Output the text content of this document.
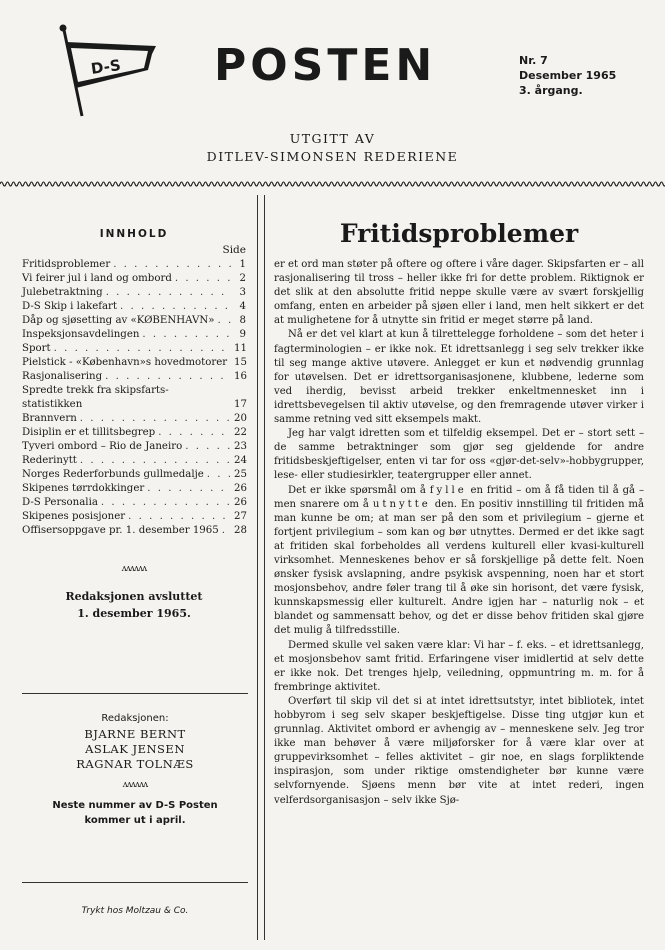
D-S POSTEN	Nr. 7
Desember 1965
3. årgang.
UTGITT AV
DITLEV-SIMONSEN REDERIENE
INNHOLD
Side
Fritidsproblemer . . .	1
Vi feirer jul i land og ombord . . .	2
Julebetraktning . . .	3
D-S Skip i lakefart . . .	4
Dåp og sjøsetting av «KØBENHAVN» . . .	8
Inspeksjonsavdelingen . . .	9
Sport . . .	11
Pielstick - «København»s hovedmotorer . . . 15
Rasjonalisering . . .	16
Spredte trekk fra skipsfarts-statistikken	17
Brannvern . . .	20
Disiplin er et tillitsbegrep . . .	22
Tyveri ombord – Rio de Janeiro . . .	23
Rederinytt . . .	24
Norges Rederforbunds gullmedalje . . .	25
Skipenes tørrdokkinger . . .	26
D-S Personalia . . .	26
Skipenes posisjoner . . .	27
Offisersoppgave pr. 1. desember 1965 . . . 28
ʌʌʌʌʌʌ
Redaksjonen avsluttet
1. desember 1965.
Redaksjonen:
BJARNE BERNT
ASLAK JENSEN
RAGNAR TOLNÆS
ʌʌʌʌʌʌ
Neste nummer av D-S Posten
kommer ut i april.
Trykt hos Moltzau & Co.
Fritidsproblemer

er et ord man støter på oftere og oftere i våre dager. Skipsfarten er – all rasjonalisering til tross – heller ikke fri for dette problem. Riktignok er det slik at den absolutte fritid neppe skulle være av svært forskjellig omfang, enten en arbeider på sjøen eller i land, men helt sikkert er det at mulighetene for å utnytte sin fritid er meget større på land.

Nå er det vel klart at kun å tilrettelegge forholdene – som det heter i fagterminologien – er ikke nok. Et idrettsanlegg i seg selv trekker ikke til seg mange aktive utøvere. Anlegget er kun et nødvendig grunnlag for utøvelsen. Det er idrettsorganisasjonene, klubbene, lederne som ved iherdig, bevisst arbeid trekker enkeltmennesket inn i idrettsbevegelsen til aktiv utøvelse, og den fremragende utøver virker i samme retning ved sitt eksempels makt.

Jeg har valgt idretten som et tilfeldig eksempel. Det er – stort sett – de samme betraktninger som gjør seg gjeldende for andre fritidsbeskjeftigelser, enten vi tar for oss «gjør-det-selv»-hobbygrupper, lese- eller studiesirkler, teatergrupper eller annet.

Det er ikke spørsmål om å fylle en fritid – om å få tiden til å gå – men snarere om å utnytte den. En positiv innstilling til fritiden må man kunne be om; at man ser på den som et privilegium – gjerne et fortjent privilegium – som kan og bør utnyttes. Dermed er det ikke sagt at fritiden skal forbeholdes all verdens kulturell eller kvasi-kulturell virksomhet. Menneskenes behov er så forskjellige på dette felt. Noen ønsker fysisk avslapning, andre psykisk avspenning, noen har et stort mosjonsbehov, andre føler trang til å øke sin horisont, det være fysisk, kunnskapsmessig eller kulturelt. Andre igjen har – naturlig nok – et blandet og sammensatt behov, og det er disse behov fritiden skal gjøre det mulig å tilfredsstille.

Dermed skulle vel saken være klar: Vi har – f. eks. – et idrettsanlegg, et mosjonsbehov samt fritid. Erfaringene viser imidlertid at selv dette er ikke nok. Det trenges hjelp, veiledning, oppmuntring m. m. for å frembringe aktivitet.

Overført til skip vil det si at intet idrettsutstyr, intet bibliotek, intet hobbyrom i seg selv skaper beskjeftigelse. Disse ting utgjør kun et grunnlag. Aktivitet ombord er avhengig av – menneskene selv. Jeg tror ikke man behøver å være miljøforsker for å være klar over at gruppevirksomhet – felles aktivitet – gir noe, en slags forpliktende inspirasjon, som under riktige omstendigheter bør kunne være selvfornyende. Sjøens menn bør vite at intet rederi, ingen velferdsorganisasjon – selv ikke Sjø-
